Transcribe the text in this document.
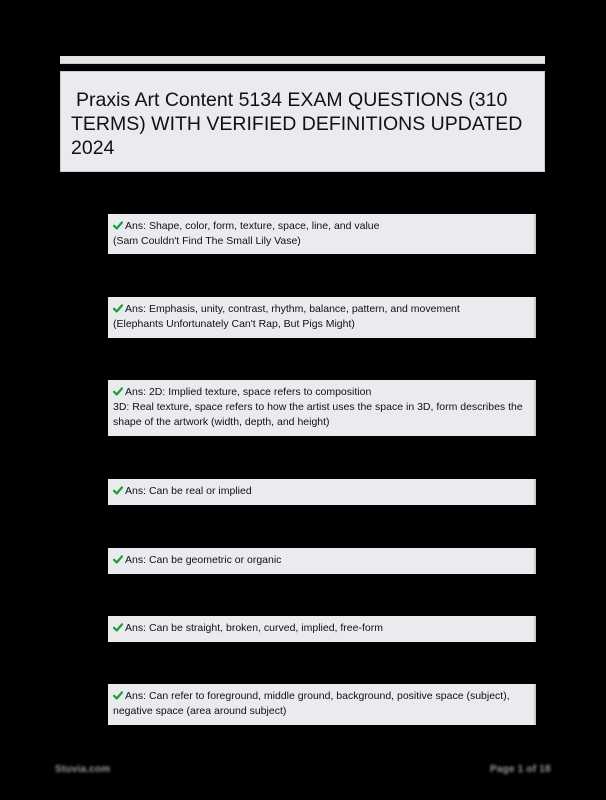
Praxis Art Content 5134 EXAM QUESTIONS (310 TERMS) WITH VERIFIED DEFINITIONS UPDATED 2024
Ans: Shape, color, form, texture, space, line, and value
(Sam Couldn't Find The Small Lily Vase)
Ans: Emphasis, unity, contrast, rhythm, balance, pattern, and movement
(Elephants Unfortunately Can't Rap, But Pigs Might)
Ans: 2D: Implied texture, space refers to composition
3D: Real texture, space refers to how the artist uses the space in 3D, form describes the shape of the artwork (width, depth, and height)
Ans: Can be real or implied
Ans: Can be geometric or organic
Ans: Can be straight, broken, curved, implied, free-form
Ans: Can refer to foreground, middle ground, background, positive space (subject), negative space (area around subject)
Stuvia.com	Page 1 of 18
